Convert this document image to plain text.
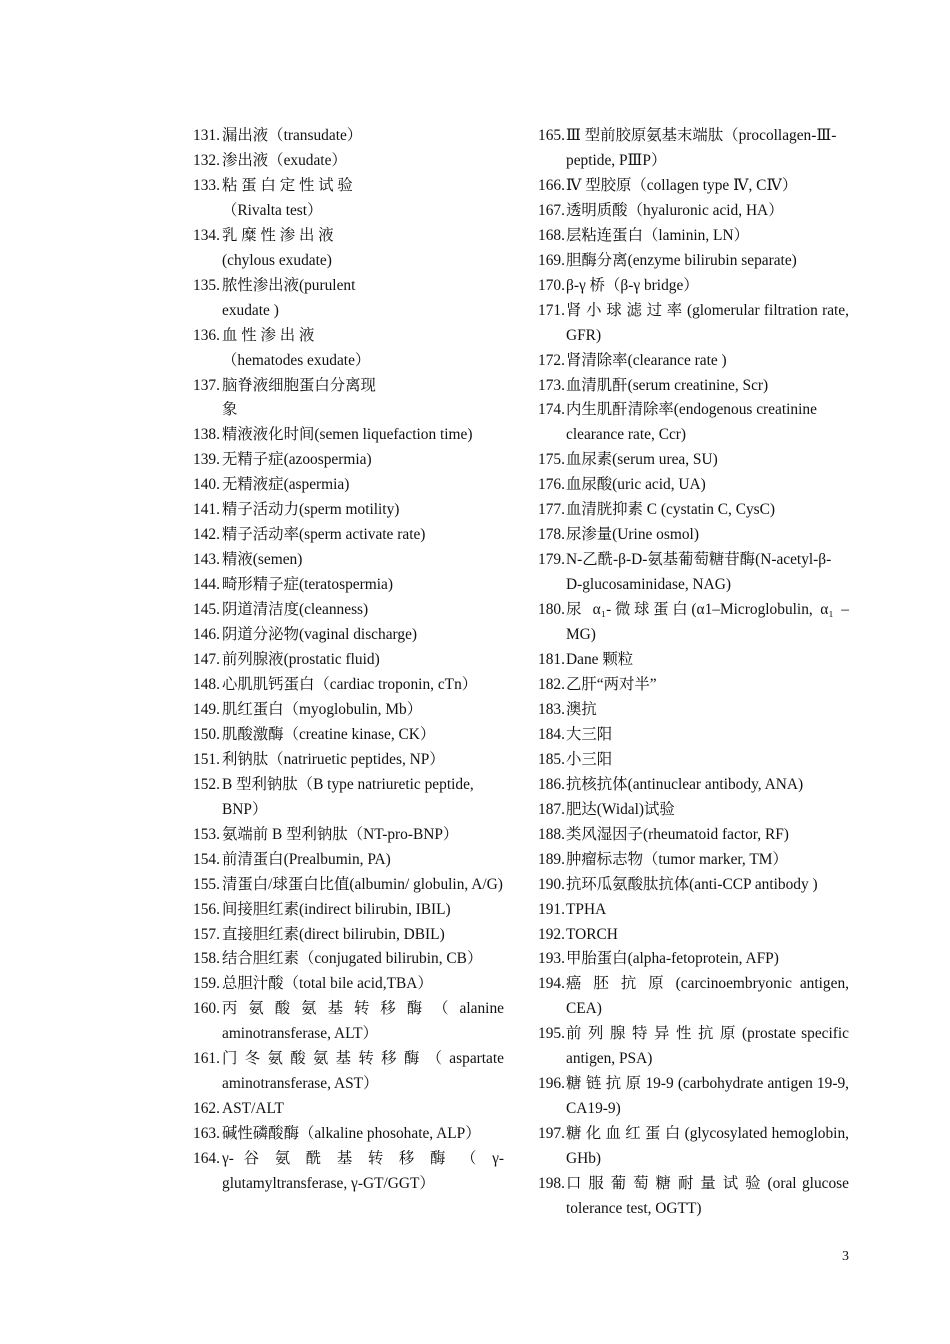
131. 漏出液（transudate）
132. 渗出液（exudate）
133. 粘 蛋 白 定 性 试 验 （Rivalta test）
134. 乳 糜 性 渗 出 液 (chylous exudate)
135. 脓性渗出液(purulent exudate )
136. 血 性 渗 出 液 （hematodes exudate）
137. 脑脊液细胞蛋白分离现象
138. 精液液化时间(semen liquefaction time)
139. 无精子症(azoospermia)
140. 无精液症(aspermia)
141. 精子活动力(sperm motility)
142. 精子活动率(sperm activate rate)
143. 精液(semen)
144. 畸形精子症(teratospermia)
145. 阴道清洁度(cleanness)
146. 阴道分泌物(vaginal discharge)
147. 前列腺液(prostatic fluid)
148. 心肌肌钙蛋白（cardiac troponin, cTn）
149. 肌红蛋白（myoglobulin, Mb）
150. 肌酸激酶（creatine kinase, CK）
151. 利钠肽（natriruetic peptides, NP）
152. B 型利钠肽（B type natriuretic peptide, BNP）
153. 氨端前 B 型利钠肽（NT-pro-BNP）
154. 前清蛋白(Prealbumin, PA)
155. 清蛋白/球蛋白比值(albumin/ globulin, A/G)
156. 间接胆红素(indirect bilirubin, IBIL)
157. 直接胆红素(direct bilirubin, DBIL)
158. 结合胆红素（conjugated bilirubin, CB）
159. 总胆汁酸（total bile acid,TBA）
160. 丙 氨 酸 氨 基 转 移 酶 （ alanine aminotransferase, ALT）
161. 门 冬 氨 酸 氨 基 转 移 酶 （ aspartate aminotransferase, AST）
162. AST/ALT
163. 碱性磷酸酶（alkaline phosohate, ALP）
164. γ- 谷 氨 酰 基 转 移 酶 （ γ-glutamyltransferase, γ-GT/GGT）
165. Ⅲ 型前胶原氨基末端肽（procollagen-Ⅲ-peptide, PⅢP）
166. Ⅳ 型胶原（collagen type Ⅳ, CⅣ）
167. 透明质酸（hyaluronic acid, HA）
168. 层粘连蛋白（laminin, LN）
169. 胆酶分离(enzyme bilirubin separate)
170. β-γ 桥（β-γ bridge）
171. 肾 小 球 滤 过 率 (glomerular filtration rate, GFR)
172. 肾清除率(clearance rate )
173. 血清肌酐(serum creatinine, Scr)
174. 内生肌酐清除率(endogenous creatinine clearance rate, Ccr)
175. 血尿素(serum urea, SU)
176. 血尿酸(uric acid, UA)
177. 血清胱抑素 C (cystatin C, CysC)
178. 尿渗量(Urine osmol)
179. N-乙酰-β-D-氨基葡萄糖苷酶(N-acetyl-β- D-glucosaminidase, NAG)
180. 尿 α₁-微球蛋白(α1–Microglobulin, α₁ – MG)
181. Dane 颗粒
182. 乙肝“两对半”
183. 澳抗
184. 大三阳
185. 小三阳
186. 抗核抗体(antinuclear antibody, ANA)
187. 肥达(Widal)试验
188. 类风湿因子(rheumatoid factor, RF)
189. 肿瘤标志物（tumor marker, TM）
190. 抗环瓜氨酸肽抗体(anti-CCP antibody )
191. TPHA
192. TORCH
193. 甲胎蛋白(alpha-fetoprotein, AFP)
194. 癌 胚 抗 原 (carcinoembryonic antigen, CEA)
195. 前 列 腺 特 异 性 抗 原 (prostate specific antigen, PSA)
196. 糖 链 抗 原 19-9 (carbohydrate antigen 19-9, CA19-9)
197. 糖 化 血 红 蛋 白 (glycosylated hemoglobin, GHb)
198. 口 服 葡 萄 糖 耐 量 试 验 (oral glucose tolerance test, OGTT)
3
